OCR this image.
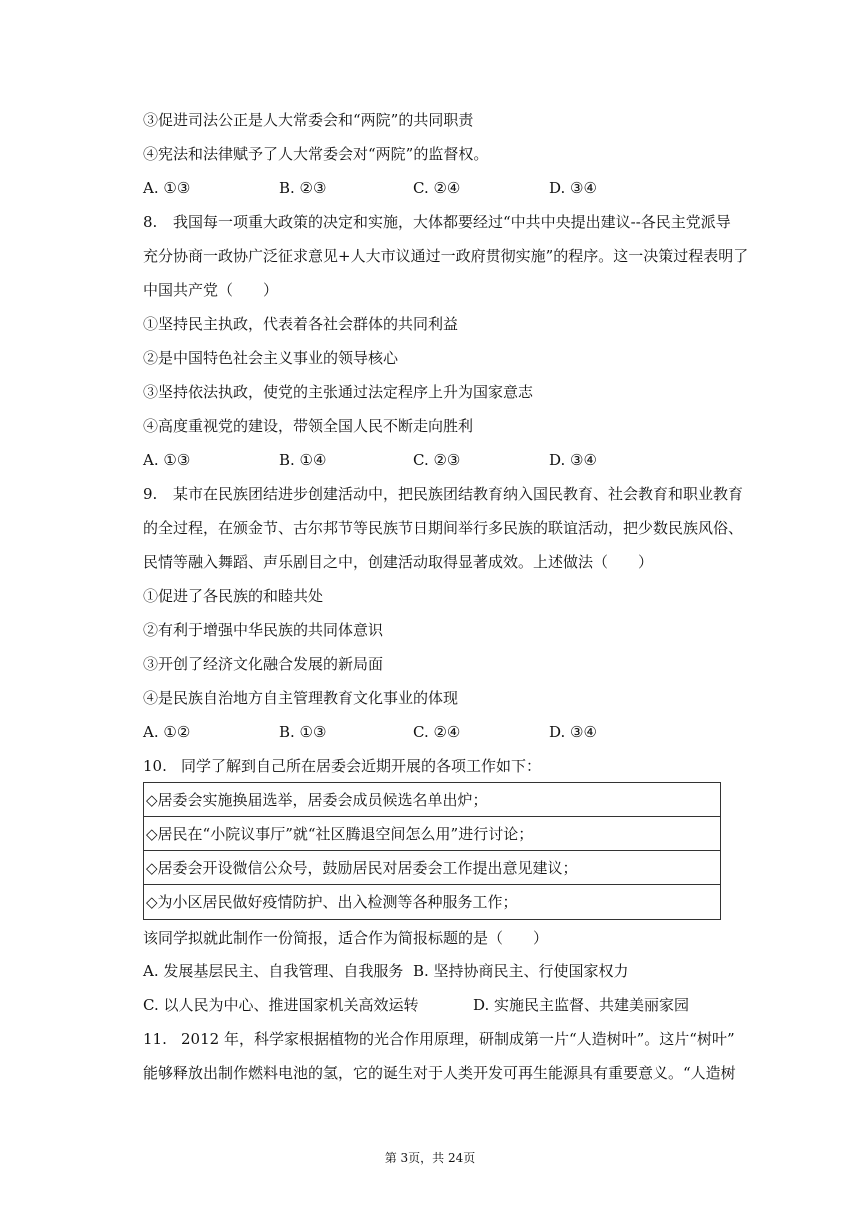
③促进司法公正是人大常委会和“两院”的共同职责
④宪法和法律赋予了人大常委会对“两院”的监督权。
A. ①③	B. ②③	C. ②④	D. ③④
8. 我国每一项重大政策的决定和实施，大体都要经过“中共中央提出建议--各民主党派导
充分协商一政协广泛征求意见+人大市议通过一政府贯彻实施”的程序。这一决策过程表明了
中国共产党（　　）
①坚持民主执政，代表着各社会群体的共同利益
②是中国特色社会主义事业的领导核心
③坚持依法执政，使党的主张通过法定程序上升为国家意志
④高度重视党的建设，带领全国人民不断走向胜利
A. ①③	B. ①④	C. ②③	D. ③④
9. 某市在民族团结进步创建活动中，把民族团结教育纳入国民教育、社会教育和职业教育
的全过程，在颁金节、古尔邦节等民族节日期间举行多民族的联谊活动，把少数民族风俗、
民情等融入舞蹈、声乐剧目之中，创建活动取得显著成效。上述做法（　　）
①促进了各民族的和睦共处
②有利于增强中华民族的共同体意识
③开创了经济文化融合发展的新局面
④是民族自治地方自主管理教育文化事业的体现
A. ①②	B. ①③	C. ②④	D. ③④
10. 同学了解到自己所在居委会近期开展的各项工作如下：
◇居委会实施换届选举，居委会成员候选名单出炉；
◇居民在“小院议事厅”就“社区腾退空间怎么用”进行讨论；
◇居委会开设微信公众号，鼓励居民对居委会工作提出意见建议；
◇为小区居民做好疫情防护、出入检测等各种服务工作；
该同学拟就此制作一份简报，适合作为简报标题的是（　　）
A. 发展基层民主、自我管理、自我服务 B. 坚持协商民主、行使国家权力
C. 以人民为中心、推进国家机关高效运转	D. 实施民主监督、共建美丽家园
11. 2012 年，科学家根据植物的光合作用原理，研制成第一片“人造树叶”。这片“树叶”
能够释放出制作燃料电池的氢，它的诞生对于人类开发可再生能源具有重要意义。“人造树
第 3页，共 24页
